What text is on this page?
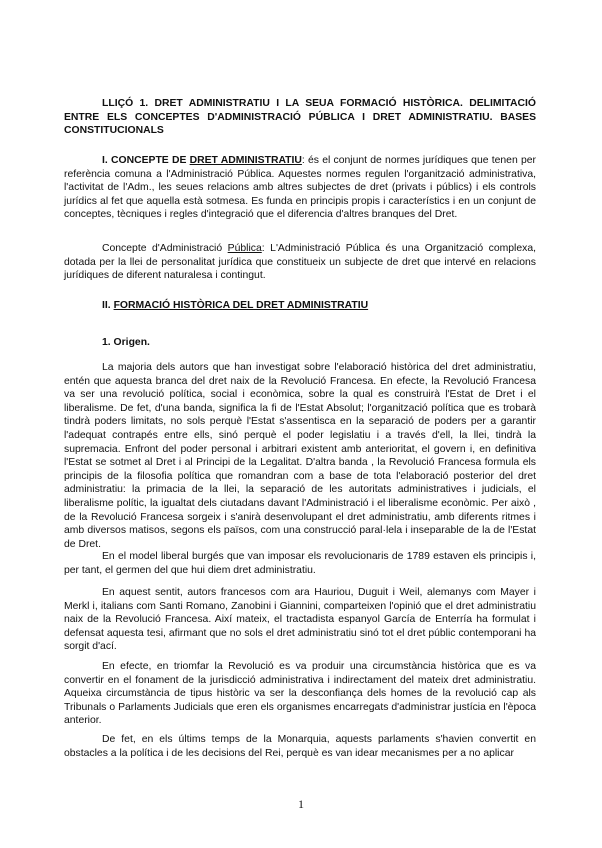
LLIÇÓ 1. DRET ADMINISTRATIU I LA SEUA FORMACIÓ HISTÒRICA. DELIMITACIÓ ENTRE ELS CONCEPTES D'ADMINISTRACIÓ PÚBLICA I DRET ADMINISTRATIU. BASES CONSTITUCIONALS
I. CONCEPTE DE DRET ADMINISTRATIU: és el conjunt de normes jurídiques que tenen per referència comuna a l'Administració Pública. Aquestes normes regulen l'organització administrativa, l'activitat de l'Adm., les seues relacions amb altres subjectes de dret (privats i públics) i els controls jurídics al fet que aquella està sotmesa. Es funda en principis propis i característics i en un conjunt de conceptes, tècniques i regles d'integració que el diferencia d'altres branques del Dret.
Concepte d'Administració Pública: L'Administració Pública és una Organització complexa, dotada per la llei de personalitat jurídica que constitueix un subjecte de dret que intervé en relacions jurídiques de diferent naturalesa i contingut.
II. FORMACIÓ HISTÒRICA DEL DRET ADMINISTRATIU
1. Origen.
La majoria dels autors que han investigat sobre l'elaboració històrica del dret administratiu, entén que aquesta branca del dret naix de la Revolució Francesa. En efecte, la Revolució Francesa va ser una revolució política, social i econòmica, sobre la qual es construirà l'Estat de Dret i el liberalisme. De fet, d'una banda, significa la fi de l'Estat Absolut; l'organització política que es trobarà tindrà poders limitats, no sols perquè l'Estat s'assentisca en la separació de poders per a garantir l'adequat contrapés entre ells, sinó perquè el poder legislatiu i a través d'ell, la llei, tindrà la supremacia. Enfront del poder personal i arbitrari existent amb anterioritat, el govern i, en definitiva l'Estat se sotmet al Dret i al Principi de la Legalitat. D'altra banda , la Revolució Francesa formula els principis de la filosofia política que romandran com a base de tota l'elaboració posterior del dret administratiu: la primacia de la llei, la separació de les autoritats administratives i judicials, el liberalisme polític, la igualtat dels ciutadans davant l'Administració i el liberalisme econòmic. Per això , de la Revolució Francesa sorgeix i s'anirà desenvolupant el dret administratiu, amb diferents ritmes i amb diversos matisos, segons els països, com una construcció paral·lela i inseparable de la de l'Estat de Dret.
En el model liberal burgés que van imposar els revolucionaris de 1789 estaven els principis i, per tant, el germen del que hui diem dret administratiu.
En aquest sentit, autors francesos com ara Hauriou, Duguit i Weil, alemanys com Mayer i Merkl i, italians com Santi Romano, Zanobini i Giannini, comparteixen l'opinió que el dret administratiu naix de la Revolució Francesa. Així mateix, el tractadista espanyol García de Enterría ha formulat i defensat aquesta tesi, afirmant que no sols el dret administratiu sinó tot el dret públic contemporani ha sorgit d'ací.
En efecte, en triomfar la Revolució es va produir una circumstància històrica que es va convertir en el fonament de la jurisdicció administrativa i indirectament del mateix dret administratiu. Aqueixa circumstància de tipus històric va ser la desconfiança dels homes de la revolució cap als Tribunals o Parlaments Judicials que eren els organismes encarregats d'administrar justícia en l'època anterior.
De fet, en els últims temps de la Monarquia, aquests parlaments s'havien convertit en obstacles a la política i de les decisions del Rei, perquè es van idear mecanismes per a no aplicar
1
